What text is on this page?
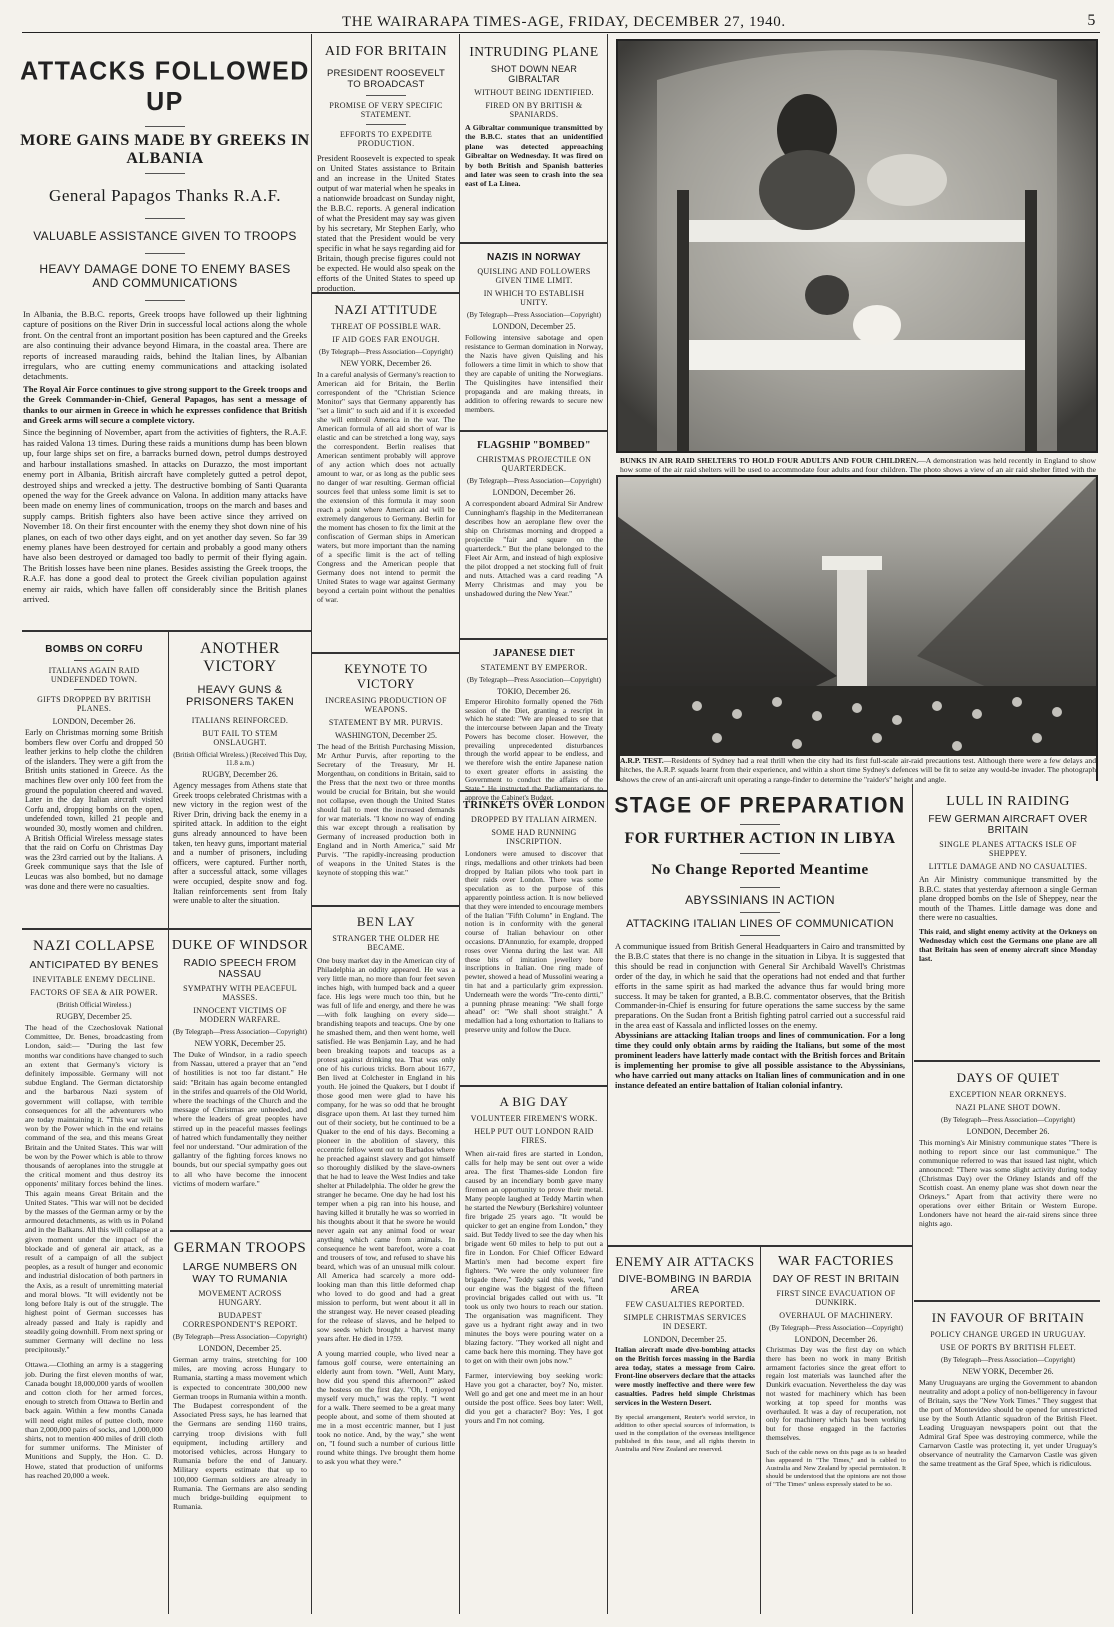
THE WAIRARAPA TIMES-AGE, FRIDAY, DECEMBER 27, 1940.	5
ATTACKS FOLLOWED UP
MORE GAINS MADE BY GREEKS IN ALBANIA
General Papagos Thanks R.A.F.
VALUABLE ASSISTANCE GIVEN TO TROOPS
HEAVY DAMAGE DONE TO ENEMY BASES AND COMMUNICATIONS

In Albania, the B.B.C. reports, Greek troops have followed up their lightning capture of positions on the River Drin in successful local actions along the whole front. On the central front an important position has been captured and the Greeks are also continuing their advance beyond Himara, in the coastal area. There are reports of increased marauding raids, behind the Italian lines, by Albanian irregulars, who are cutting enemy communications and attacking isolated detachments.

The Royal Air Force continues to give strong support to the Greek troops and the Greek Commander-in-Chief, General Papagos, has sent a message of thanks to our airmen in Greece in which he expresses confidence that British and Greek arms will secure a complete victory.

Since the beginning of November, apart from the activities of fighters, the R.A.F. has raided Valona 13 times. During these raids a munitions dump has been blown up, four large ships set on fire, a barracks burned down, petrol dumps destroyed and harbour installations smashed. In attacks on Durazzo, the most important enemy port in Albania, British aircraft have completely gutted a petrol depot, destroyed ships and wrecked a jetty. The destructive bombing of Santi Quaranta opened the way for the Greek advance on Valona. In addition many attacks have been made on enemy lines of communication, troops on the march and bases and supply camps. British fighters also have been active since they arrived on November 18. On their first encounter with the enemy they shot down nine of his planes, on each of two other days eight, and on yet another day seven. So far 39 enemy planes have been destroyed for certain and probably a good many others have also been destroyed or damaged too badly to permit of their flying again. The British losses have been nine planes. Besides assisting the Greek troops, the R.A.F. has done a good deal to protect the Greek civilian population against enemy air raids, which have fallen off considerably since the British planes arrived.

BOMBS ON CORFU
ITALIANS AGAIN RAID UNDEFENDED TOWN.
GIFTS DROPPED BY BRITISH PLANES.
LONDON, December 26.

Early on Christmas morning some British bombers flew over Corfu and dropped 50 leather jerkins to help clothe the children of the islanders. They were a gift from the British units stationed in Greece. As the machines flew over only 100 feet from the ground the population cheered and waved. Later in the day Italian aircraft visited Corfu and, dropping bombs on the open, undefended town, killed 21 people and wounded 30, mostly women and children. A British Official Wireless message states that the raid on Corfu on Christmas Day was the 23rd carried out by the Italians. A Greek communique says that the Isle of Leucas was also bombed, but no damage was done and there were no casualties.

ANOTHER VICTORY
HEAVY GUNS & PRISONERS TAKEN
ITALIANS REINFORCED.
BUT FAIL TO STEM ONSLAUGHT.
(British Official Wireless.) (Received This Day, 11.8 a.m.)
RUGBY, December 26.

Agency messages from Athens state that Greek troops celebrated Christmas with a new victory in the region west of the River Drin, driving back the enemy in a spirited attack. In addition to the eight guns already announced to have been taken, ten heavy guns, important material and a number of prisoners, including officers, were captured. Further north, after a successful attack, some villages were occupied, despite snow and fog. Italian reinforcements sent from Italy were unable to alter the situation.

NAZI COLLAPSE
ANTICIPATED BY BENES
INEVITABLE ENEMY DECLINE.
FACTORS OF SEA & AIR POWER.
(British Official Wireless.)
RUGBY, December 25.

The head of the Czechoslovak National Committee, Dr. Benes, broadcasting from London, said:— "During the last few months war conditions have changed to such an extent that Germany's victory is definitely impossible. Germany will not subdue England. The German dictatorship and the barbarous Nazi system of government will collapse, with terrible consequences for all the adventurers who are today maintaining it. "This war will be won by the Power which in the end retains command of the sea, and this means Great Britain and the United States. This war will be won by the Power which is able to throw thousands of aeroplanes into the struggle at the critical moment and thus destroy its opponents' military forces behind the lines. This again means Great Britain and the United States. "This war will not be decided by the masses of the German army or by the armoured detachments, as with us in Poland and in the Balkans. All this will collapse at a given moment under the impact of the blockade and of general air attack, as a result of a campaign of all the subject peoples, as a result of hunger and economic and industrial dislocation of both partners in the Axis, as a result of unremitting material and moral blows. "It will evidently not be long before Italy is out of the struggle. The highest point of German successes has already passed and Italy is rapidly and steadily going downhill. From next spring or summer Germany will decline no less precipitously."

Ottawa.—Clothing an army is a staggering job. During the first eleven months of war, Canada bought 18,000,000 yards of woollen and cotton cloth for her armed forces, enough to stretch from Ottawa to Berlin and back again. Within a few months Canada will need eight miles of puttee cloth, more than 2,000,000 pairs of socks, and 1,000,000 shirts, not to mention 400 miles of drill cloth for summer uniforms. The Minister of Munitions and Supply, the Hon. C. D. Howe, stated that production of uniforms has reached 20,000 a week.

DUKE OF WINDSOR
RADIO SPEECH FROM NASSAU
SYMPATHY WITH PEACEFUL MASSES.
INNOCENT VICTIMS OF MODERN WARFARE.
(By Telegraph—Press Association—Copyright)
NEW YORK, December 25.

The Duke of Windsor, in a radio speech from Nassau, uttered a prayer that an "end of hostilities is not too far distant." He said: "Britain has again become entangled in the strifes and quarrels of the Old World, where the teachings of the Church and the message of Christmas are unheeded, and where the leaders of great peoples have stirred up in the peaceful masses feelings of hatred which fundamentally they neither feel nor understand. "Our admiration of the gallantry of the fighting forces knows no bounds, but our special sympathy goes out to all who have become the innocent victims of modern warfare."

GERMAN TROOPS
LARGE NUMBERS ON WAY TO RUMANIA
MOVEMENT ACROSS HUNGARY.
BUDAPEST CORRESPONDENT'S REPORT.
(By Telegraph—Press Association—Copyright)
LONDON, December 25.

German army trains, stretching for 100 miles, are moving across Hungary to Rumania, starting a mass movement which is expected to concentrate 300,000 new German troops in Rumania within a month. The Budapest correspondent of the Associated Press says, he has learned that the Germans are sending 1160 trains, carrying troop divisions with full equipment, including artillery and motorised vehicles, across Hungary to Rumania before the end of January. Military experts estimate that up to 100,000 German soldiers are already in Rumania. The Germans are also sending much bridge-building equipment to Rumania.

AID FOR BRITAIN
PRESIDENT ROOSEVELT TO BROADCAST
PROMISE OF VERY SPECIFIC STATEMENT.
EFFORTS TO EXPEDITE PRODUCTION.

President Roosevelt is expected to speak on United States assistance to Britain and an increase in the United States output of war material when he speaks in a nationwide broadcast on Sunday night, the B.B.C. reports. A general indication of what the President may say was given by his secretary, Mr Stephen Early, who stated that the President would be very specific in what he says regarding aid for Britain, though precise figures could not be expected. He would also speak on the efforts of the United States to speed up production.

NAZI ATTITUDE
THREAT OF POSSIBLE WAR.
IF AID GOES FAR ENOUGH.
(By Telegraph—Press Association—Copyright)
NEW YORK, December 26.

In a careful analysis of Germany's reaction to American aid for Britain, the Berlin correspondent of the "Christian Science Monitor" says that Germany apparently has "set a limit" to such aid and if it is exceeded she will embroil America in the war. The American formula of all aid short of war is elastic and can be stretched a long way, says the correspondent. Berlin realises that American sentiment probably will approve of any action which does not actually amount to war, or as long as the public sees no danger of war resulting. German official sources feel that unless some limit is set to the extension of this formula it may soon reach a point where American aid will be extremely dangerous to Germany. Berlin for the moment has chosen to fix the limit at the confiscation of German ships in American waters, but more important than the naming of a specific limit is the act of telling Congress and the American people that Germany does not intend to permit the United States to wage war against Germany beyond a certain point without the penalties of war.

KEYNOTE TO VICTORY
INCREASING PRODUCTION OF WEAPONS.
STATEMENT BY MR. PURVIS.
WASHINGTON, December 25.

The head of the British Purchasing Mission, Mr Arthur Purvis, after reporting to the Secretary of the Treasury, Mr H. Morgenthau, on conditions in Britain, said to the Press that the next two or three months would be crucial for Britain, but she would not collapse, even though the United States should fail to meet the increased demands for war materials. "I know no way of ending this war except through a realisation by Germany of increased production both in England and in North America," said Mr Purvis. "The rapidly-increasing production of weapons in the United States is the keynote of stopping this war."

BEN LAY
STRANGER THE OLDER HE BECAME.

One busy market day in the American city of Philadelphia an oddity appeared. He was a very little man, no more than four feet seven inches high, with humped back and a queer face. His legs were much too thin, but he was full of life and energy, and there he was—with folk laughing on every side—brandishing teapots and teacups. One by one he smashed them, and then went home, well satisfied. He was Benjamin Lay, and he had been breaking teapots and teacups as a protest against drinking tea. That was only one of his curious tricks. Born about 1677, Ben lived at Colchester in England in his youth. He joined the Quakers, but I doubt if those good men were glad to have his company, for he was so odd that he brought disgrace upon them. At last they turned him out of their society, but he continued to be a Quaker to the end of his days. Becoming a pioneer in the abolition of slavery, this eccentric fellow went out to Barbados where he preached against slavery and got himself so thoroughly disliked by the slave-owners that he had to leave the West Indies and take shelter at Philadelphia. The older he grew the stranger he became. One day he had lost his temper when a pig ran into his house, and having killed it brutally he was so worried in his thoughts about it that he swore he would never again eat any animal food or wear anything which came from animals. In consequence he went barefoot, wore a coat and trousers of tow, and refused to shave his beard, which was of an unusual milk colour. All America had scarcely a more odd-looking man than this little deformed chap who loved to do good and had a great mission to perform, but went about it all in the strangest way. He never ceased pleading for the release of slaves, and he helped to sow seeds which brought a harvest many years after. He died in 1759.

A young married couple, who lived near a famous golf course, were entertaining an elderly aunt from town. "Well, Aunt Mary, how did you spend this afternoon?" asked the hostess on the first day. "Oh, I enjoyed myself very much," was the reply. "I went for a walk. There seemed to be a great many people about, and some of them shouted at me in a most eccentric manner, but I just took no notice. And, by the way," she went on, "I found such a number of curious little round white things. I've brought them home to ask you what they were."

INTRUDING PLANE
SHOT DOWN NEAR GIBRALTAR
WITHOUT BEING IDENTIFIED.
FIRED ON BY BRITISH & SPANIARDS.

A Gibraltar communique transmitted by the B.B.C. states that an unidentified plane was detected approaching Gibraltar on Wednesday. It was fired on by both British and Spanish batteries and later was seen to crash into the sea east of La Linea.

NAZIS IN NORWAY
QUISLING AND FOLLOWERS GIVEN TIME LIMIT.
IN WHICH TO ESTABLISH UNITY.
(By Telegraph—Press Association—Copyright)
LONDON, December 25.

Following intensive sabotage and open resistance to German domination in Norway, the Nazis have given Quisling and his followers a time limit in which to show that they are capable of uniting the Norwegians. The Quislingites have intensified their propaganda and are making threats, in addition to offering rewards to secure new members.

FLAGSHIP "BOMBED"
CHRISTMAS PROJECTILE ON QUARTERDECK.
(By Telegraph—Press Association—Copyright)
LONDON, December 26.

A correspondent aboard Admiral Sir Andrew Cunningham's flagship in the Mediterranean describes how an aeroplane flew over the ship on Christmas morning and dropped a projectile "fair and square on the quarterdeck." But the plane belonged to the Fleet Air Arm, and instead of high explosive the pilot dropped a net stocking full of fruit and nuts. Attached was a card reading "A Merry Christmas and may you be unshadowed during the New Year."

JAPANESE DIET
STATEMENT BY EMPEROR.
(By Telegraph—Press Association—Copyright)
TOKIO, December 26.

Emperor Hirohito formally opened the 76th session of the Diet, granting a rescript in which he stated: "We are pleased to see that the intercourse between Japan and the Treaty Powers has become closer. However, the prevailing unprecedented disturbances through the world appear to be endless, and we therefore wish the entire Japanese nation to exert greater efforts in assisting the Government to conduct the affairs of the State." He instructed the Parliamentarians to approve the Cabinet's Budget.

TRINKETS OVER LONDON
DROPPED BY ITALIAN AIRMEN.
SOME HAD RUNNING INSCRIPTION.

Londoners were amused to discover that rings, medallions and other trinkets had been dropped by Italian pilots who took part in their raids over London. There was some speculation as to the purpose of this apparently pointless action. It is now believed that they were intended to encourage members of the Italian "Fifth Column" in England. The notion is in conformity with the general course of Italian behaviour on other occasions. D'Annunzio, for example, dropped roses over Vienna during the last war. All these bits of imitation jewellery bore inscriptions in Italian. One ring made of pewter, showed a head of Mussolini wearing a tin hat and a particularly grim expression. Underneath were the words "Tre-cento dirtti," a punning phrase meaning: "We shall forge ahead" or: "We shall shoot straight." A medallion had a long exhortation to Italians to preserve unity and follow the Duce.

A BIG DAY
VOLUNTEER FIREMEN'S WORK.
HELP PUT OUT LONDON RAID FIRES.

When air-raid fires are started in London, calls for help may be sent out over a wide area. The first Thames-side London fire caused by an incendiary bomb gave many firemen an opportunity to prove their metal. Many people laughed at Teddy Martin when he started the Newbury (Berkshire) volunteer fire brigade 25 years ago. "It would be quicker to get an engine from London," they said. But Teddy lived to see the day when his brigade went 60 miles to help to put out a fire in London. For Chief Officer Edward Martin's men had become expert fire fighters. "We were the only volunteer fire brigade there," Teddy said this week, "and our engine was the biggest of the fifteen provincial brigades called out with us. "It took us only two hours to reach our station. The organisation was magnificent. They gave us a hydrant right away and in two minutes the boys were pouring water on a blazing factory. "They worked all night and came back here this morning. They have got to get on with their own jobs now."

Farmer, interviewing boy seeking work: Have you got a character, boy? No, mister. Well go and get one and meet me in an hour outside the post office. Sees boy later: Well, did you get a character? Boy: Yes, I got yours and I'm not coming.

BUNKS IN AIR RAID SHELTERS TO HOLD FOUR ADULTS AND FOUR CHILDREN.—A demonstration was held recently in England to show how some of the air raid shelters will be used to accommodate four adults and four children. The photo shows a view of an air raid shelter fitted with the
A.R.P. TEST.—Residents of Sydney had a real thrill when the city had its first full-scale air-raid precautions test. Although there were a few delays and hitches, the A.R.P. squads learnt from their experience, and within a short time Sydney's defences will be fit to seize any would-be invader. The photograph shows the crew of an anti-aircraft unit operating a range-finder to determine the "raider's" height and angle.
STAGE OF PREPARATION
FOR FURTHER ACTION IN LIBYA
No Change Reported Meantime
ABYSSINIANS IN ACTION
ATTACKING ITALIAN LINES OF COMMUNICATION

A communique issued from British General Headquarters in Cairo and transmitted by the B.B.C states that there is no change in the situation in Libya. It is suggested that this should be read in conjunction with General Sir Archibald Wavell's Christmas order of the day, in which he said that the operations had not ended and that further efforts in the same spirit as had marked the advance thus far would bring more success. It may be taken for granted, a B.B.C. commentator observes, that the British Commander-in-Chief is ensuring for future operations the same success by the same preparations. On the Sudan front a British fighting patrol carried out a successful raid in the area east of Kassala and inflicted losses on the enemy.

Abyssinians are attacking Italian troops and lines of communication. For a long time they could only obtain arms by raiding the Italians, but some of the most prominent leaders have latterly made contact with the British forces and Britain is implementing her promise to give all possible assistance to the Abyssinians, who have carried out many attacks on Italian lines of communication and in one instance defeated an entire battalion of Italian colonial infantry.

ENEMY AIR ATTACKS
DIVE-BOMBING IN BARDIA AREA
FEW CASUALTIES REPORTED.
SIMPLE CHRISTMAS SERVICES IN DESERT.
LONDON, December 25.

Italian aircraft made dive-bombing attacks on the British forces massing in the Bardia area today, states a message from Cairo. Front-line observers declare that the attacks were mostly ineffective and there were few casualties. Padres held simple Christmas services in the Western Desert.

By special arrangement, Reuter's world service, in addition to other special sources of information, is used in the compilation of the overseas intelligence published in this issue, and all rights therein in Australia and New Zealand are reserved.

WAR FACTORIES
DAY OF REST IN BRITAIN
FIRST SINCE EVACUATION OF DUNKIRK.
OVERHAUL OF MACHINERY.
(By Telegraph—Press Association—Copyright)
LONDON, December 26.

Christmas Day was the first day on which there has been no work in many British armament factories since the great effort to regain lost materials was launched after the Dunkirk evacuation. Nevertheless the day was not wasted for machinery which has been working at top speed for months was overhauled. It was a day of recuperation, not only for machinery which has been working but for those engaged in the factories themselves.

Such of the cable news on this page as is so headed has appeared in "The Times," and is cabled to Australia and New Zealand by special permission. It should be understood that the opinions are not those of "The Times" unless expressly stated to be so.

LULL IN RAIDING
FEW GERMAN AIRCRAFT OVER BRITAIN
SINGLE PLANES ATTACKS ISLE OF SHEPPEY.
LITTLE DAMAGE AND NO CASUALTIES.

An Air Ministry communique transmitted by the B.B.C. states that yesterday afternoon a single German plane dropped bombs on the Isle of Sheppey, near the mouth of the Thames. Little damage was done and there were no casualties.

This raid, and slight enemy activity at the Orkneys on Wednesday which cost the Germans one plane are all that Britain has seen of enemy aircraft since Monday last.

DAYS OF QUIET
EXCEPTION NEAR ORKNEYS.
NAZI PLANE SHOT DOWN.
(By Telegraph—Press Association—Copyright)
LONDON, December 26.

This morning's Air Ministry communique states "There is nothing to report since our last communique." The communique referred to was that issued last night, which announced: "There was some slight activity during today (Christmas Day) over the Orkney Islands and off the Scottish coast. An enemy plane was shot down near the Orkneys." Apart from that activity there were no operations over either Britain or Western Europe. Londoners have not heard the air-raid sirens since three nights ago.

IN FAVOUR OF BRITAIN
POLICY CHANGE URGED IN URUGUAY.
USE OF PORTS BY BRITISH FLEET.
(By Telegraph—Press Association—Copyright)
NEW YORK, December 26.

Many Uruguayans are urging the Government to abandon neutrality and adopt a policy of non-belligerency in favour of Britain, says the "New York Times." They suggest that the port of Montevideo should be opened for unrestricted use by the South Atlantic squadron of the British Fleet. Leading Uruguayan newspapers point out that the Admiral Graf Spee was destroying commerce, while the Carnarvon Castle was protecting it, yet under Uruguay's observance of neutrality the Carnarvon Castle was given the same treatment as the Graf Spee, which is ridiculous.
